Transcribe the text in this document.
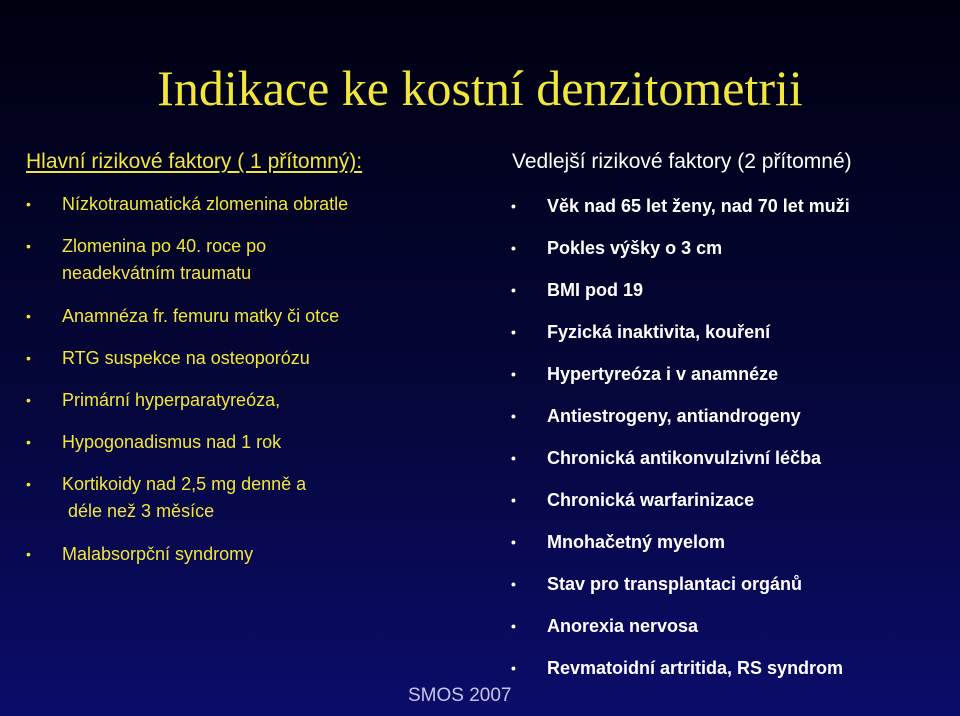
Indikace ke kostní denzitometrii
Hlavní rizikové faktory ( 1 přítomný):
• Nízkotraumatická zlomenina obratle
• Zlomenina po 40. roce po
neadekvátním traumatu
• Anamnéza fr. femuru matky či otce
• RTG suspekce na osteoporózu
• Primární hyperparatyreóza,
• Hypogonadismus nad 1 rok
• Kortikoidy nad 2,5 mg denně a
déle než 3 měsíce
• Malabsorpční syndromy
Vedlejší rizikové faktory (2 přítomné)
• Věk nad 65 let ženy, nad 70 let muži
• Pokles výšky o 3 cm
• BMI pod 19
• Fyzická inaktivita, kouření
• Hypertyreóza i v anamnéze
• Antiestrogeny, antiandrogeny
• Chronická antikonvulzivní léčba
• Chronická warfarinizace
• Mnohačetný myelom
• Stav pro transplantaci orgánů
• Anorexia nervosa
• Revmatoidní artritida, RS syndrom
SMOS 2007
